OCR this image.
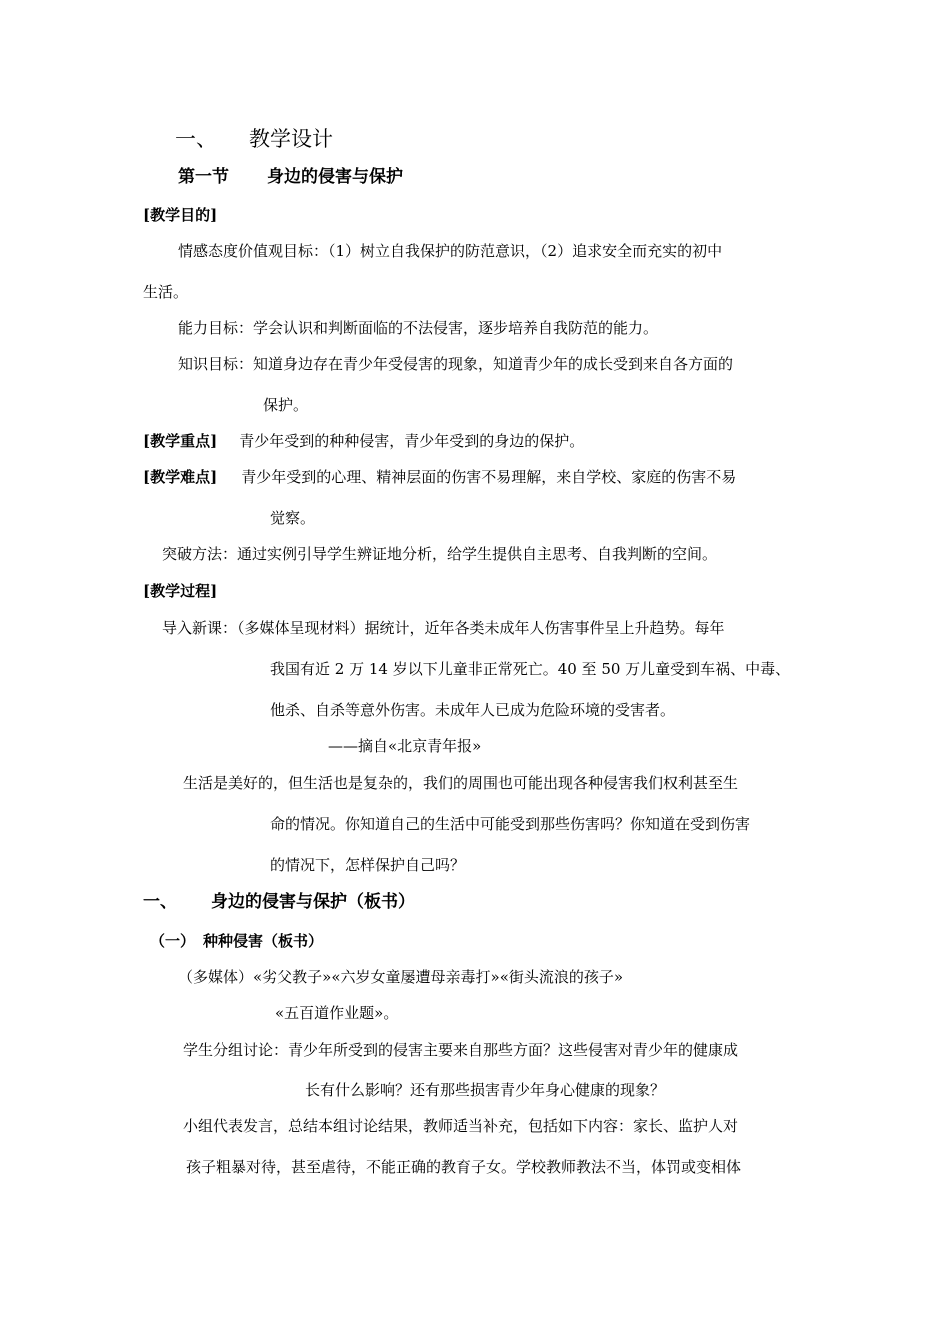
一、 教学设计
第一节 身边的侵害与保护
[教学目的]
情感态度价值观目标：（1）树立自我保护的防范意识，（2）追求安全而充实的初中
生活。
能力目标：学会认识和判断面临的不法侵害，逐步培养自我防范的能力。
知识目标：知道身边存在青少年受侵害的现象，知道青少年的成长受到来自各方面的
保护。
[教学重点] 青少年受到的种种侵害，青少年受到的身边的保护。
[教学难点] 青少年受到的心理、精神层面的伤害不易理解，来自学校、家庭的伤害不易
觉察。
突破方法：通过实例引导学生辨证地分析，给学生提供自主思考、自我判断的空间。
[教学过程]
导入新课：（多媒体呈现材料）据统计，近年各类未成年人伤害事件呈上升趋势。每年
我国有近 2 万 14 岁以下儿童非正常死亡。40 至 50 万儿童受到车祸、中毒、
他杀、自杀等意外伤害。未成年人已成为危险环境的受害者。
——摘自«北京青年报»
生活是美好的，但生活也是复杂的，我们的周围也可能出现各种侵害我们权利甚至生
命的情况。你知道自己的生活中可能受到那些伤害吗？你知道在受到伤害
的情况下，怎样保护自己吗？
一、 身边的侵害与保护（板书）
（一） 种种侵害（板书）
（多媒体）«劣父教子»«六岁女童屡遭母亲毒打»«街头流浪的孩子»
«五百道作业题»。
学生分组讨论：青少年所受到的侵害主要来自那些方面？这些侵害对青少年的健康成
长有什么影响？还有那些损害青少年身心健康的现象？
小组代表发言，总结本组讨论结果，教师适当补充，包括如下内容：家长、监护人对
孩子粗暴对待，甚至虐待，不能正确的教育子女。学校教师教法不当，体罚或变相体
